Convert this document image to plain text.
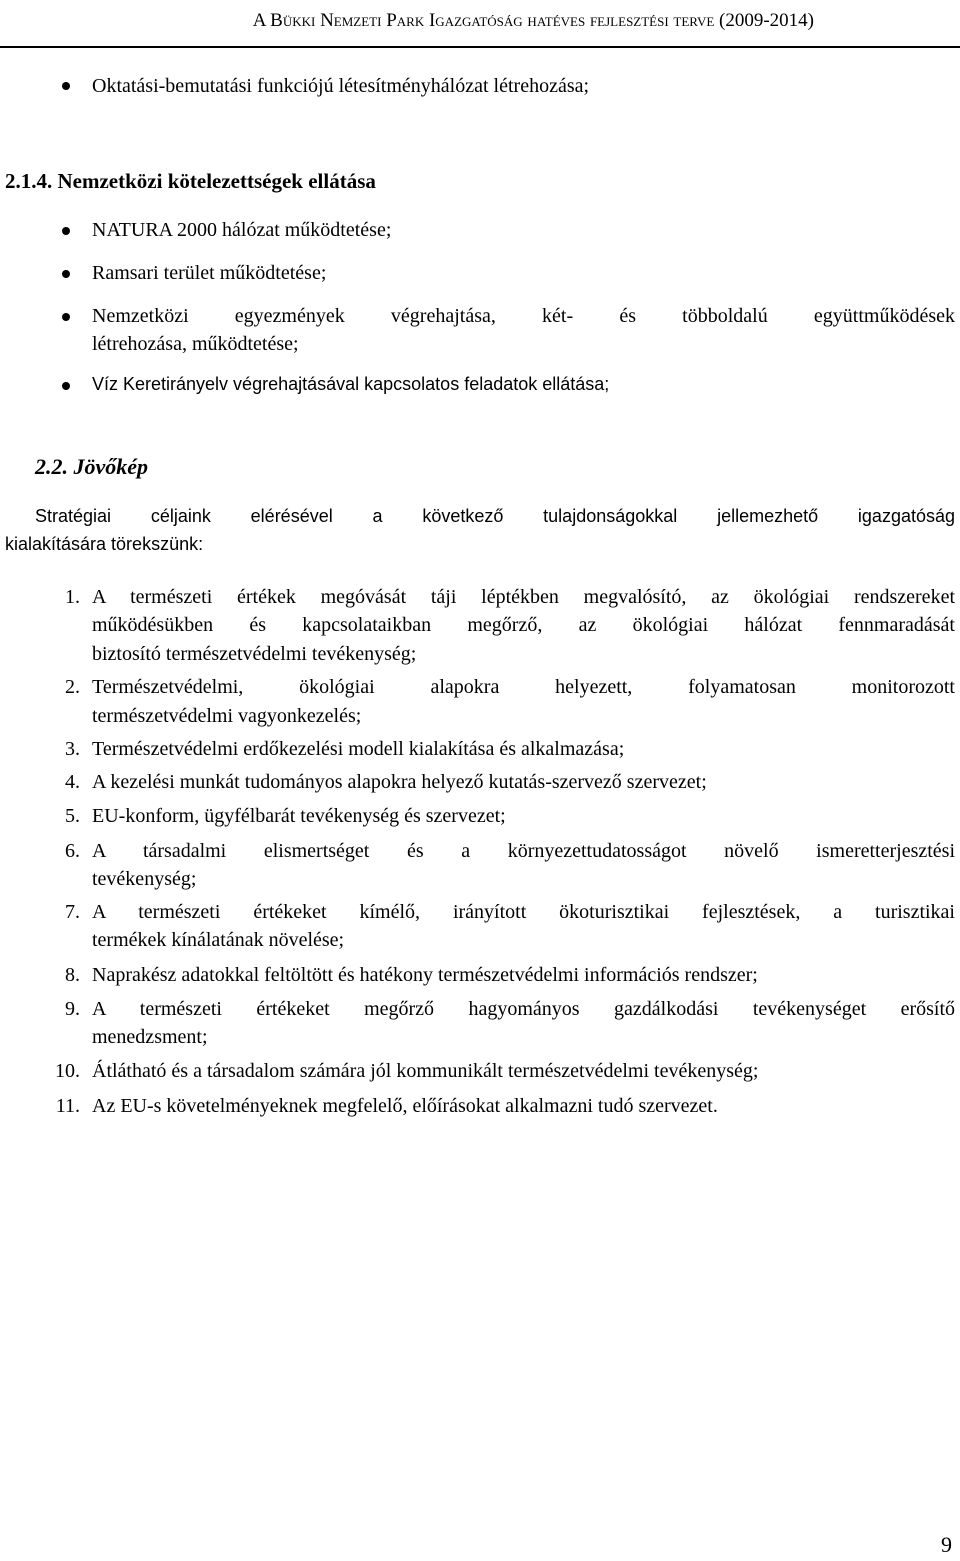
A Bükki Nemzeti Park Igazgatóság hatéves fejlesztési terve (2009-2014)
Oktatási-bemutatási funkciójú létesítményhálózat létrehozása;
2.1.4. Nemzetközi kötelezettségek ellátása
NATURA 2000 hálózat működtetése;
Ramsari terület működtetése;
Nemzetközi egyezmények végrehajtása, két- és többoldalú együttműködések
létrehozása, működtetése;
Víz Keretirányelv végrehajtásával kapcsolatos feladatok ellátása;
2.2. Jövőkép
Stratégiai céljaink elérésével a következő tulajdonságokkal jellemezhető igazgatóság
kialakítására törekszünk:
1. A természeti értékek megóvását táji léptékben megvalósító, az ökológiai rendszereket
működésükben és kapcsolataikban megőrző, az ökológiai hálózat fennmaradását
biztosító természetvédelmi tevékenység;
2. Természetvédelmi, ökológiai alapokra helyezett, folyamatosan monitorozott
természetvédelmi vagyonkezelés;
3. Természetvédelmi erdőkezelési modell kialakítása és alkalmazása;
4. A kezelési munkát tudományos alapokra helyező kutatás-szervező szervezet;
5. EU-konform, ügyfélbarát tevékenység és szervezet;
6. A társadalmi elismertséget és a környezettudatosságot növelő ismeretterjesztési
tevékenység;
7. A természeti értékeket kímélő, irányított ökoturisztikai fejlesztések, a turisztikai
termékek kínálatának növelése;
8. Naprakész adatokkal feltöltött és hatékony természetvédelmi információs rendszer;
9. A természeti értékeket megőrző hagyományos gazdálkodási tevékenységet erősítő
menedzsment;
10. Átlátható és a társadalom számára jól kommunikált természetvédelmi tevékenység;
11. Az EU-s követelményeknek megfelelő, előírásokat alkalmazni tudó szervezet.
9
